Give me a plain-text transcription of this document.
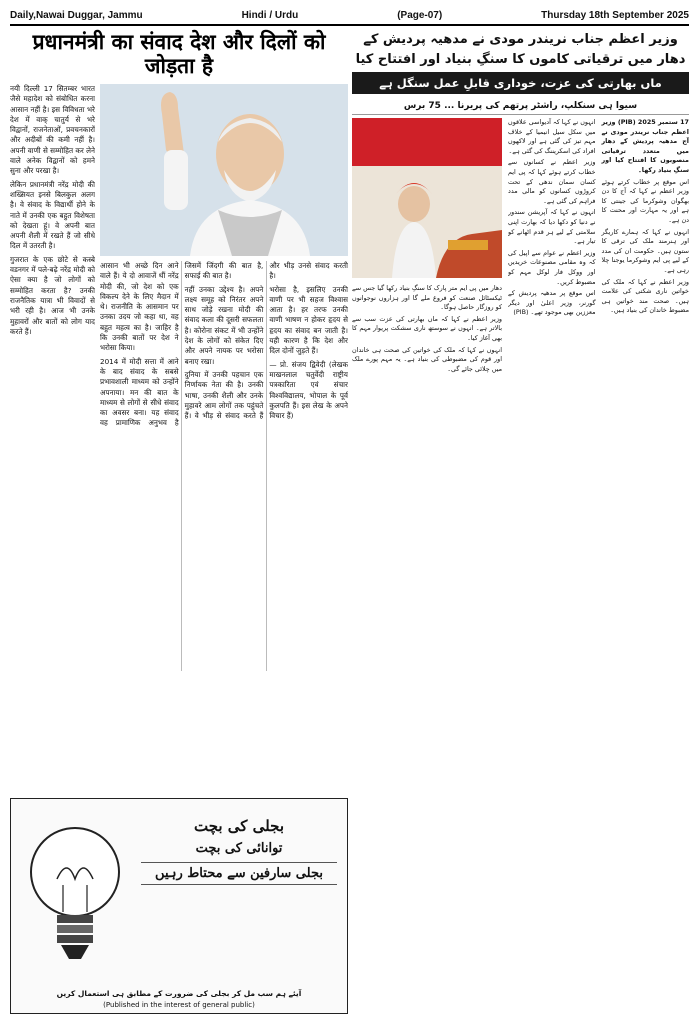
Daily,Nawai Duggar, Jammu	Hindi / Urdu	(Page-07)	Thursday 18th September 2025
प्रधानमंत्री का संवाद देश और दिलों को जोड़ता है

नयी दिल्ली 17 सितम्बर भारत जैसे महादेश को संबोधित करना आसान नहीं है। इस विविधता भरे देश में वाक् चातुर्य से भरे विद्वानों, राजनेताओं, प्रवचनकारों और अदीबों की कमी नहीं है। अपनी वाणी से सम्मोहित कर लेने वाले अनेक विद्वानों को हमने सुना और परखा है।

लेकिन प्रधानमंत्री नरेंद्र मोदी की शख्सियत इनसे बिलकुल अलग है। वे संवाद के विद्यार्थी होने के नाते में उनकी एक बहुत विशेषता को देखता हूं। वे अपनी बात अपनी शैली में रखते हैं जो सीधे दिल में उतरती है।

गुजरात के एक छोटे से कस्बे वडनगर में पले-बढ़े नरेंद्र मोदी को ऐसा क्या है जो लोगों को सम्मोहित करता है? उनकी राजनैतिक यात्रा भी विवादों से भरी रही है। आज भी उनके मुहावरों और बातों को लोग याद करते हैं।

आसान भी अच्छे दिन आने वाले हैं। ये दो आवाजें थीं नरेंद्र मोदी की, जो देश को एक विकल्प देने के लिए मैदान में थे। राजनीति के आसमान पर उनका उदय जो कहा था, वह बहुत महत्व का है। जाहिर है कि उनकी बातों पर देश ने भरोसा किया।

2014 में मोदी सत्ता में आने के बाद संवाद के सबसे प्रभावशाली माध्यम को उन्होंने अपनाया। मन की बात के माध्यम से लोगों से सीधे संवाद का अवसर बना। यह संवाद वह प्रामाणिक अनुभव है जिसमें जिंदगी की बात है, सफाई की बात है।

नहीं उनका उद्देश्य है। अपने लक्ष्य समूह को निरंतर अपने साथ जोड़े रखना मोदी की संवाद कला की दूसरी सफलता है। कोरोना संकट में भी उन्होंने देश के लोगों को संकेत दिए और अपने नायक पर भरोसा बनाए रखा।

दुनिया में उनकी पहचान एक निर्णायक नेता की है। उनकी भाषा, उनकी शैली और उनके मुहावरे आम लोगों तक पहुंचते हैं। वे भीड़ से संवाद करते हैं और भीड़ उनसे संवाद करती है।

भरोसा है, इसलिए उनकी वाणी पर भी सहज विश्वास आता है। हर तरफ उनकी वाणी भाषण न होकर हृदय से हृदय का संवाद बन जाती है। यही कारण है कि देश और दिल दोनों जुड़ते हैं।

— प्रो. संजय द्विवेदी (लेखक माखनलाल चतुर्वेदी राष्ट्रीय पत्रकारिता एवं संचार विश्वविद्यालय, भोपाल के पूर्व कुलपति हैं। इस लेख के अपने विचार हैं)

بجلی کی بچت
توانائی کی بچت
بجلی سارفین سے محتاط رہیں
آیئے ہم سب مل کر بجلی کی ضرورت کے مطابق ہی استعمال کریں
(Published in the interest of general public)
وزیر اعظم جناب نریندر مودی نے مدھیہ پردیش کے دھار میں ترقیاتی کاموں کا سنگِ بنیاد اور افتتاح کیا
ماں بھارتی کی عزت، خوداری قابلِ عمل سنگل ہے
سیوا ہی سنکلپ، راشٹر پرتھم کی پریرنا ... 75 برس

دھار میں پی ایم متر پارک کا سنگِ بنیاد رکھا گیا جس سے ٹیکسٹائل صنعت کو فروغ ملے گا اور ہزاروں نوجوانوں کو روزگار حاصل ہوگا۔

وزیر اعظم نے کہا کہ ماں بھارتی کی عزت سب سے بالاتر ہے۔ انہوں نے سوستھ ناری سشکت پریوار مہم کا بھی آغاز کیا۔

انہوں نے کہا کہ ملک کی خواتین کی صحت ہی خاندان اور قوم کی مضبوطی کی بنیاد ہے۔ یہ مہم پورے ملک میں چلائی جائے گی۔

17 ستمبر 2025 (PIB) وزیر اعظم جناب نریندر مودی نے آج مدھیہ پردیش کے دھار میں متعدد ترقیاتی منصوبوں کا افتتاح کیا اور سنگِ بنیاد رکھا۔

اس موقع پر خطاب کرتے ہوئے وزیر اعظم نے کہا کہ آج کا دن بھگوان وشوکرما کی جینتی کا ہے اور یہ مہارت اور محنت کا دن ہے۔

انہوں نے کہا کہ ہمارے کاریگر اور ہنرمند ملک کی ترقی کا ستون ہیں۔ حکومت ان کی مدد کے لیے پی ایم وشوکرما یوجنا چلا رہی ہے۔

وزیر اعظم نے کہا کہ ملک کی خواتین ناری شکتی کی علامت ہیں۔ صحت مند خواتین ہی مضبوط خاندان کی بنیاد ہیں۔

انہوں نے کہا کہ آدیواسی علاقوں میں سکل سیل انیمیا کے خلاف مہم تیز کی گئی ہے اور لاکھوں افراد کی اسکریننگ کی گئی ہے۔

وزیر اعظم نے کسانوں سے خطاب کرتے ہوئے کہا کہ پی ایم کسان سمان ندھی کے تحت کروڑوں کسانوں کو مالی مدد فراہم کی گئی ہے۔

انہوں نے کہا کہ آپریشن سندور نے دنیا کو دکھا دیا کہ بھارت اپنی سلامتی کے لیے ہر قدم اٹھانے کو تیار ہے۔

وزیر اعظم نے عوام سے اپیل کی کہ وہ مقامی مصنوعات خریدیں اور ووکل فار لوکل مہم کو مضبوط کریں۔

اس موقع پر مدھیہ پردیش کے گورنر، وزیر اعلیٰ اور دیگر معززین بھی موجود تھے۔ (PIB)
